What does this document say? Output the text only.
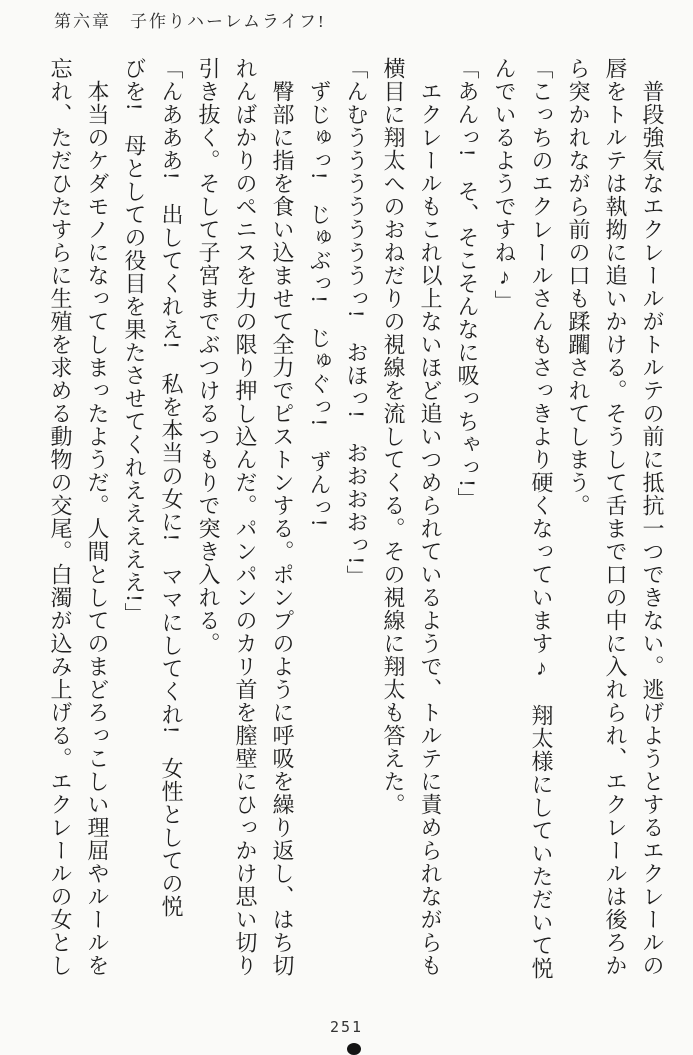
第六章　子作りハーレムライフ!
　普段強気なエクレールがトルテの前に抵抗一つできない。逃げようとするエクレールの
唇をトルテは執拗に追いかける。そうして舌まで口の中に入れられ、エクレールは後ろか
ら突かれながら前の口も蹂躙されてしまう。
「こっちのエクレールさんもさっきより硬くなっています♪　翔太様にしていただいて悦
んでいるようですね♪」
「あんっ!　そ、そこそんなに吸っちゃっ!」
　エクレールもこれ以上ないほど追いつめられているようで、トルテに責められながらも
横目に翔太へのおねだりの視線を流してくる。その視線に翔太も答えた。
「んむうううううううっ!　おほっ!　おおおおっ!」
　ずじゅっ!　じゅぶっ!　じゅぐっ!　ずんっ!
　臀部に指を食い込ませて全力でピストンする。ポンプのように呼吸を繰り返し、はち切
れんばかりのペニスを力の限り押し込んだ。パンパンのカリ首を膣壁にひっかけ思い切り
引き抜く。そして子宮までぶつけるつもりで突き入れる。
「んあああ!　出してくれえ!　私を本当の女に!　ママにしてくれ!　女性としての悦
びを!　母としての役目を果たさせてくれえええええ!」
　本当のケダモノになってしまったようだ。人間としてのまどろっこしい理屈やルールを
忘れ、ただひたすらに生殖を求める動物の交尾。白濁が込み上げる。エクレールの女とし
251
